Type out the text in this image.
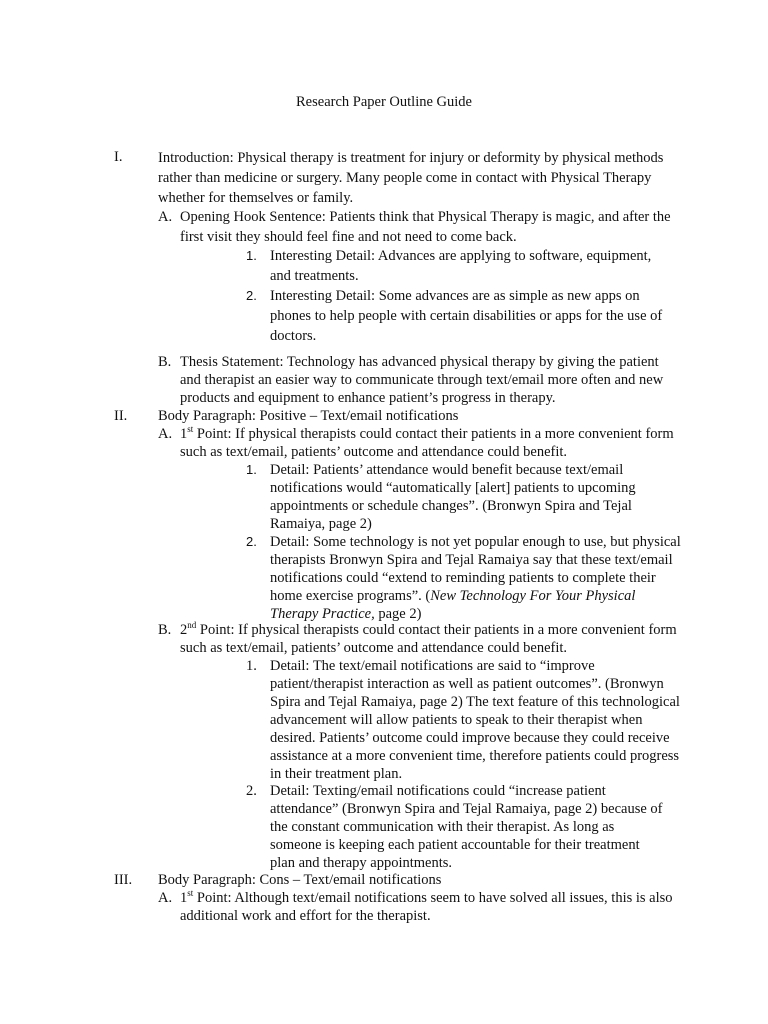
Research Paper Outline Guide
I. Introduction: Physical therapy is treatment for injury or deformity by physical methods rather than medicine or surgery. Many people come in contact with Physical Therapy whether for themselves or family.

A. Opening Hook Sentence: Patients think that Physical Therapy is magic, and after the first visit they should feel fine and not need to come back.

1. Interesting Detail: Advances are applying to software, equipment, and treatments.

2. Interesting Detail: Some advances are as simple as new apps on phones to help people with certain disabilities or apps for the use of doctors.

B. Thesis Statement: Technology has advanced physical therapy by giving the patient and therapist an easier way to communicate through text/email more often and new products and equipment to enhance patient’s progress in therapy.

II. Body Paragraph: Positive – Text/email notifications

A. 1st Point: If physical therapists could contact their patients in a more convenient form such as text/email, patients’ outcome and attendance could benefit.

1. Detail: Patients’ attendance would benefit because text/email notifications would “automatically [alert] patients to upcoming appointments or schedule changes”. (Bronwyn Spira and Tejal Ramaiya, page 2)

2. Detail: Some technology is not yet popular enough to use, but physical therapists Bronwyn Spira and Tejal Ramaiya say that these text/email notifications could “extend to reminding patients to complete their home exercise programs”. (New Technology For Your Physical Therapy Practice, page 2)

B. 2nd Point: If physical therapists could contact their patients in a more convenient form such as text/email, patients’ outcome and attendance could benefit.

1. Detail: The text/email notifications are said to “improve patient/therapist interaction as well as patient outcomes”. (Bronwyn Spira and Tejal Ramaiya, page 2) The text feature of this technological advancement will allow patients to speak to their therapist when desired. Patients’ outcome could improve because they could receive assistance at a more convenient time, therefore patients could progress in their treatment plan.

2. Detail: Texting/email notifications could “increase patient attendance” (Bronwyn Spira and Tejal Ramaiya, page 2) because of the constant communication with their therapist. As long as someone is keeping each patient accountable for their treatment plan and therapy appointments.

III. Body Paragraph: Cons – Text/email notifications

A. 1st Point: Although text/email notifications seem to have solved all issues, this is also additional work and effort for the therapist.
